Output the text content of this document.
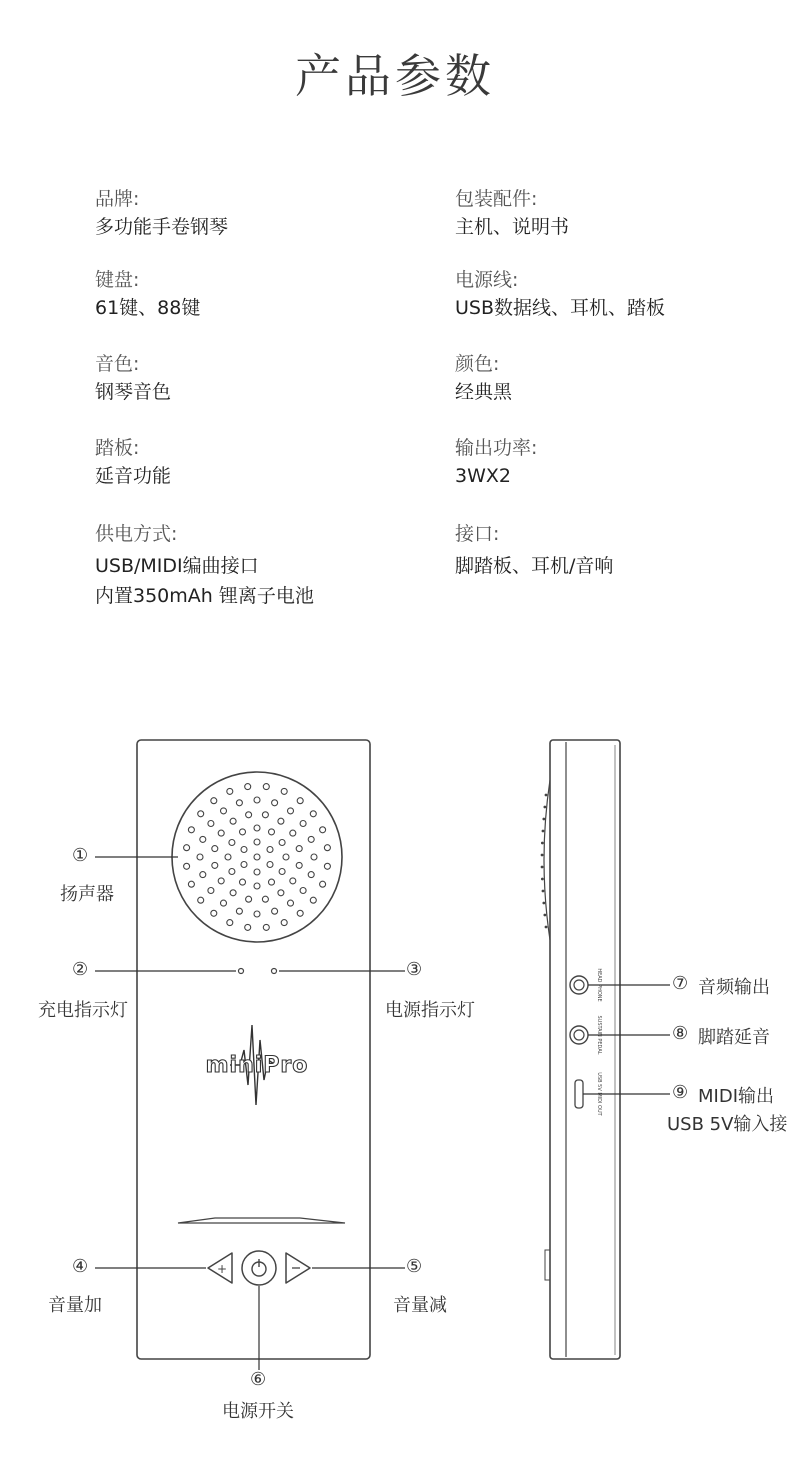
产品参数
品牌:
多功能手卷钢琴
键盘:
61键、88键
音色:
钢琴音色
踏板:
延音功能
供电方式:
USB/MIDI编曲接口
内置350mAh 锂离子电池
包装配件:
主机、说明书
电源线:
USB数据线、耳机、踏板
颜色:
经典黑
输出功率:
3WX2
接口:
脚踏板、耳机/音响
miniPro
+
HEAD PHONE
SUSTAIN PEDAL
USB 5V MIDI OUT
①
扬声器
②
充电指示灯
③
电源指示灯
④
音量加
⑤
音量减
⑥
电源开关
⑦ 音频输出
⑧ 脚踏延音
⑨ MIDI输出
USB 5V输入接
